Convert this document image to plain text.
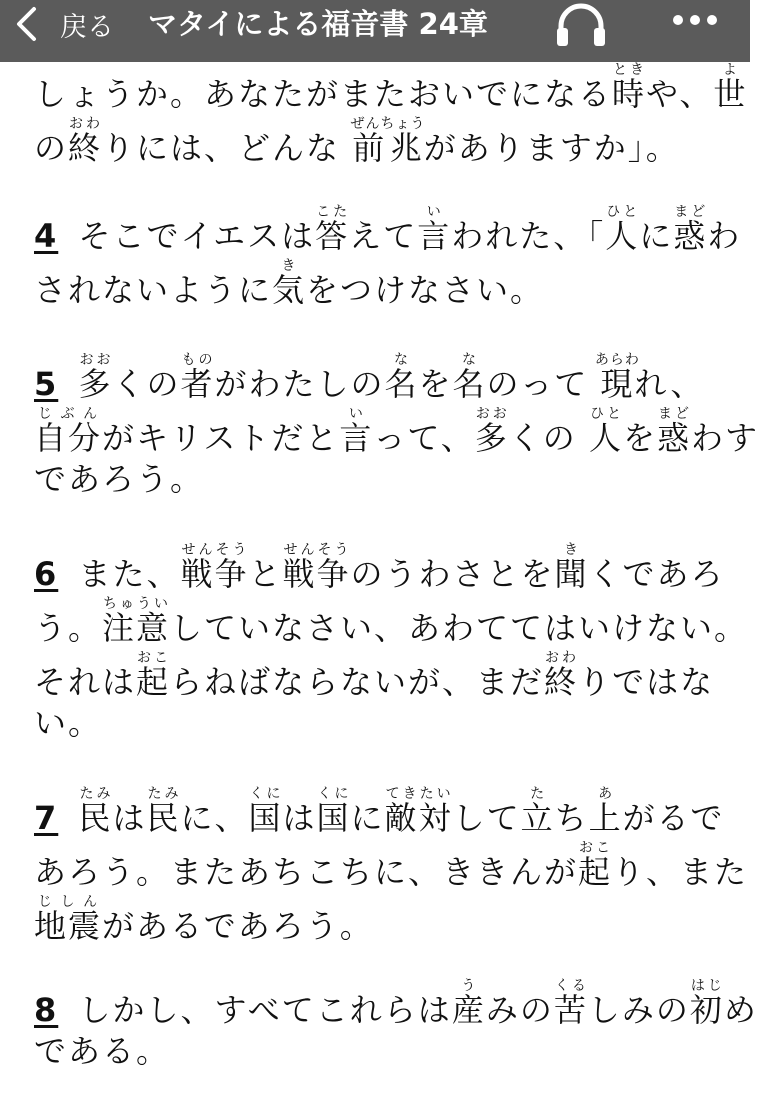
戻る マタイによる福音書 24章

しょうか。あなたがまたおいでになる時ときや、世よ

の終おわりには、どんな 前兆ぜんちょうがありますか」。

4 そこでイエスは答こたえて言いわれた、「人ひとに惑まどわ

されないように気きをつけなさい。

5 多おおくの者ものがわたしの名なを名なのって 現あらわれ、

自分じぶんがキリストだと言いって、多おおくの 人ひとを惑まどわす

であろう。

6 また、戦争せんそうと戦争せんそうのうわさとを聞きくであろ

う。注意ちゅういしていなさい、あわててはいけない。

それは起おこらねばならないが、まだ終おわりではな

い。

7 民たみは民たみに、国くには国くにに敵対てきたいして立たち上あがるで

あろう。またあちこちに、ききんが起おこり、また

地震じしんがあるであろう。

8 しかし、すべてこれらは産うみの苦くるしみの初はじめ

である。
